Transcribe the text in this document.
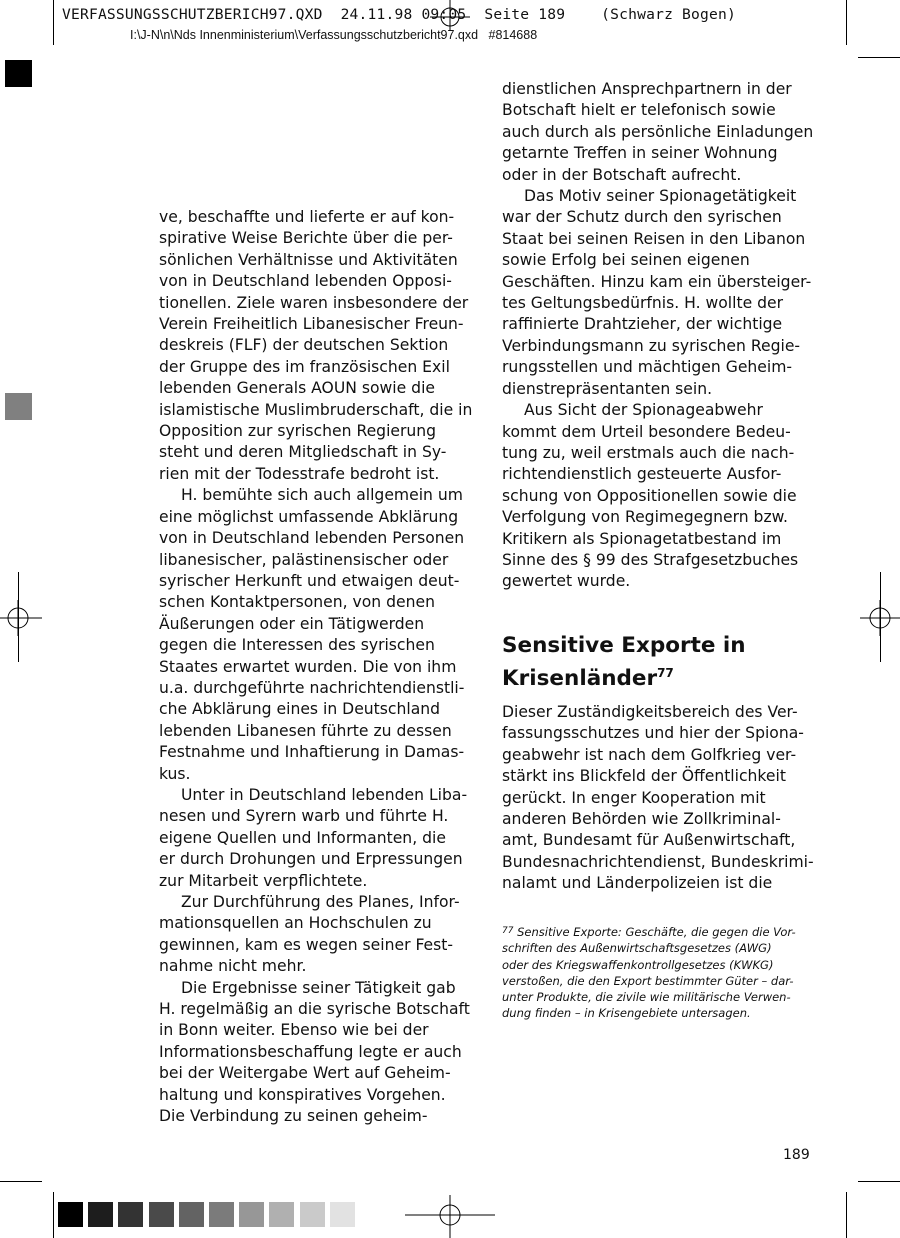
VERFASSUNGSSCHUTZBERICH97.QXD  24.11.98 09:05  Seite 189    (Schwarz Bogen)
I:\J-N\n\Nds Innenministerium\Verfassungsschutzbericht97.qxd   #814688

ve, beschaffte und lieferte er auf kon-

spirative Weise Berichte über die per-

sönlichen Verhältnisse und Aktivitäten

von in Deutschland lebenden Opposi-

tionellen. Ziele waren insbesondere der

Verein Freiheitlich Libanesischer Freun-

deskreis (FLF) der deutschen Sektion

der Gruppe des im französischen Exil

lebenden Generals AOUN sowie die

islamistische Muslimbruderschaft, die in

Opposition zur syrischen Regierung

steht und deren Mitgliedschaft in Sy-

rien mit der Todesstrafe bedroht ist.

H. bemühte sich auch allgemein um

eine möglichst umfassende Abklärung

von in Deutschland lebenden Personen

libanesischer, palästinensischer oder

syrischer Herkunft und etwaigen deut-

schen Kontaktpersonen, von denen

Äußerungen oder ein Tätigwerden

gegen die Interessen des syrischen

Staates erwartet wurden. Die von ihm

u.a. durchgeführte nachrichtendienstli-

che Abklärung eines in Deutschland

lebenden Libanesen führte zu dessen

Festnahme und Inhaftierung in Damas-

kus.

Unter in Deutschland lebenden Liba-

nesen und Syrern warb und führte H.

eigene Quellen und Informanten, die

er durch Drohungen und Erpressungen

zur Mitarbeit verpflichtete.

Zur Durchführung des Planes, Infor-

mationsquellen an Hochschulen zu

gewinnen, kam es wegen seiner Fest-

nahme nicht mehr.

Die Ergebnisse seiner Tätigkeit gab

H. regelmäßig an die syrische Botschaft

in Bonn weiter. Ebenso wie bei der

Informationsbeschaffung legte er auch

bei der Weitergabe Wert auf Geheim-

haltung und konspiratives Vorgehen.

Die Verbindung zu seinen geheim-

dienstlichen Ansprechpartnern in der

Botschaft hielt er telefonisch sowie

auch durch als persönliche Einladungen

getarnte Treffen in seiner Wohnung

oder in der Botschaft aufrecht.

Das Motiv seiner Spionagetätigkeit

war der Schutz durch den syrischen

Staat bei seinen Reisen in den Libanon

sowie Erfolg bei seinen eigenen

Geschäften. Hinzu kam ein übersteiger-

tes Geltungsbedürfnis. H. wollte der

raffinierte Drahtzieher, der wichtige

Verbindungsmann zu syrischen Regie-

rungsstellen und mächtigen Geheim-

dienstrepräsentanten sein.

Aus Sicht der Spionageabwehr

kommt dem Urteil besondere Bedeu-

tung zu, weil erstmals auch die nach-

richtendienstlich gesteuerte Ausfor-

schung von Oppositionellen sowie die

Verfolgung von Regimegegnern bzw.

Kritikern als Spionagetatbestand im

Sinne des § 99 des Strafgesetzbuches

gewertet wurde.

Sensitive Exporte in
Krisenländer$^{77}$

Dieser Zuständigkeitsbereich des Ver-

fassungsschutzes und hier der Spiona-

geabwehr ist nach dem Golfkrieg ver-

stärkt ins Blickfeld der Öffentlichkeit

gerückt. In enger Kooperation mit

anderen Behörden wie Zollkriminal-

amt, Bundesamt für Außenwirtschaft,

Bundesnachrichtendienst, Bundeskrimi-

nalamt und Länderpolizeien ist die

$^{77}$ Sensitive Exporte: Geschäfte, die gegen die Vor-
schriften des Außenwirtschaftsgesetzes (AWG)
oder des Kriegswaffenkontrollgesetzes (KWKG)
verstoßen, die den Export bestimmter Güter – dar-
unter Produkte, die zivile wie militärische Verwen-
dung finden – in Krisengebiete untersagen.
189
